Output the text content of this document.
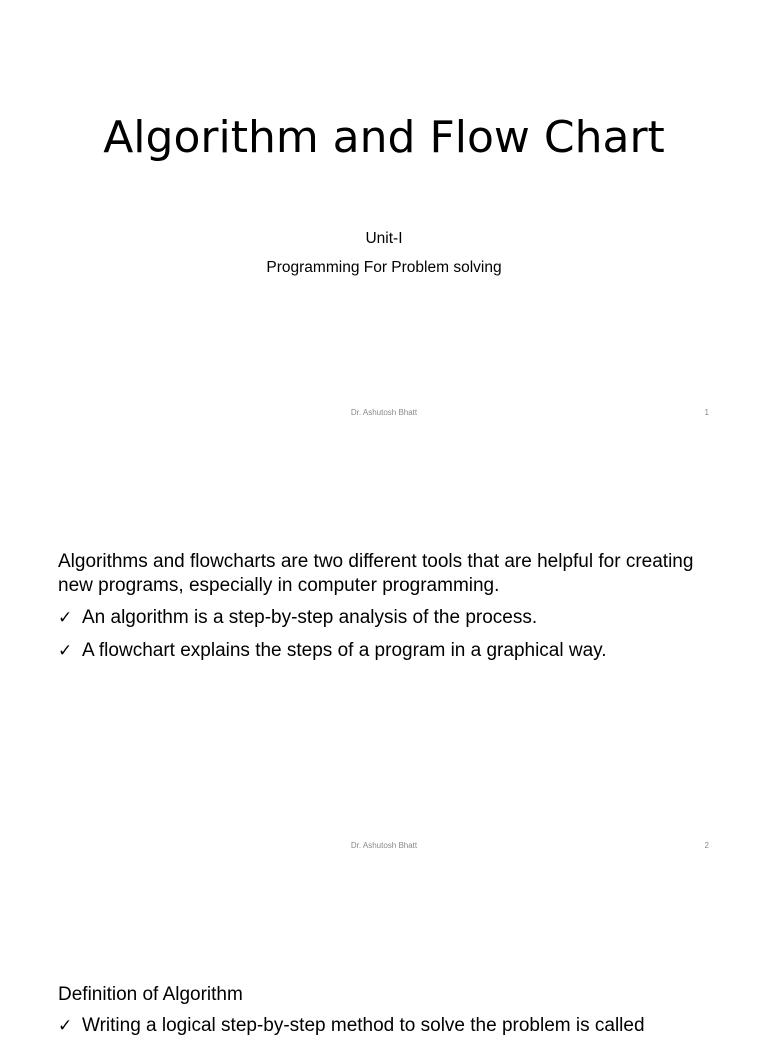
Algorithm and Flow Chart
Unit-I
Programming For Problem solving
Dr. Ashutosh Bhatt	1
Algorithms and flowcharts are two different tools that are helpful for creating new programs, especially in computer programming.
✓ An algorithm is a step-by-step analysis of the process.
✓ A flowchart explains the steps of a program in a graphical way.
Dr. Ashutosh Bhatt	2
Definition of Algorithm
✓ Writing a logical step-by-step method to solve the problem is called
